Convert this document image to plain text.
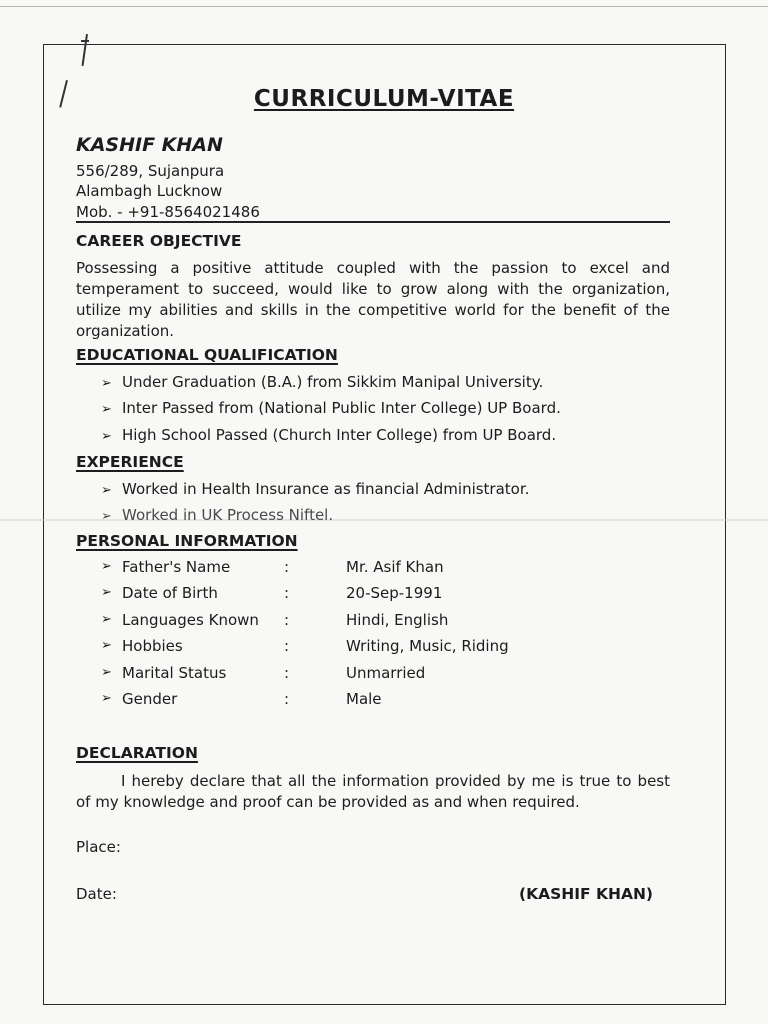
CURRICULUM-VITAE
KASHIF KHAN
556/289, Sujanpura
Alambagh Lucknow
Mob. - +91-8564021486
CAREER OBJECTIVE
Possessing a positive attitude coupled with the passion to excel and temperament to succeed, would like to grow along with the organization, utilize my abilities and skills in the competitive world for the benefit of the organization.
EDUCATIONAL QUALIFICATION
➢ Under Graduation (B.A.) from Sikkim Manipal University.
➢ Inter Passed from (National Public Inter College) UP Board.
➢ High School Passed (Church Inter College) from UP Board.
EXPERIENCE
➢ Worked in Health Insurance as financial Administrator.
➢ Worked in UK Process Niftel.
PERSONAL INFORMATION
➢ Father's Name	:	Mr. Asif Khan
➢ Date of Birth	:	20-Sep-1991
➢ Languages Known :	Hindi, English
➢ Hobbies	:	Writing, Music, Riding
➢ Marital Status	:	Unmarried
➢ Gender	:	Male
DECLARATION
I hereby declare that all the information provided by me is true to best of my knowledge and proof can be provided as and when required.
Place:
Date:	(KASHIF KHAN)
